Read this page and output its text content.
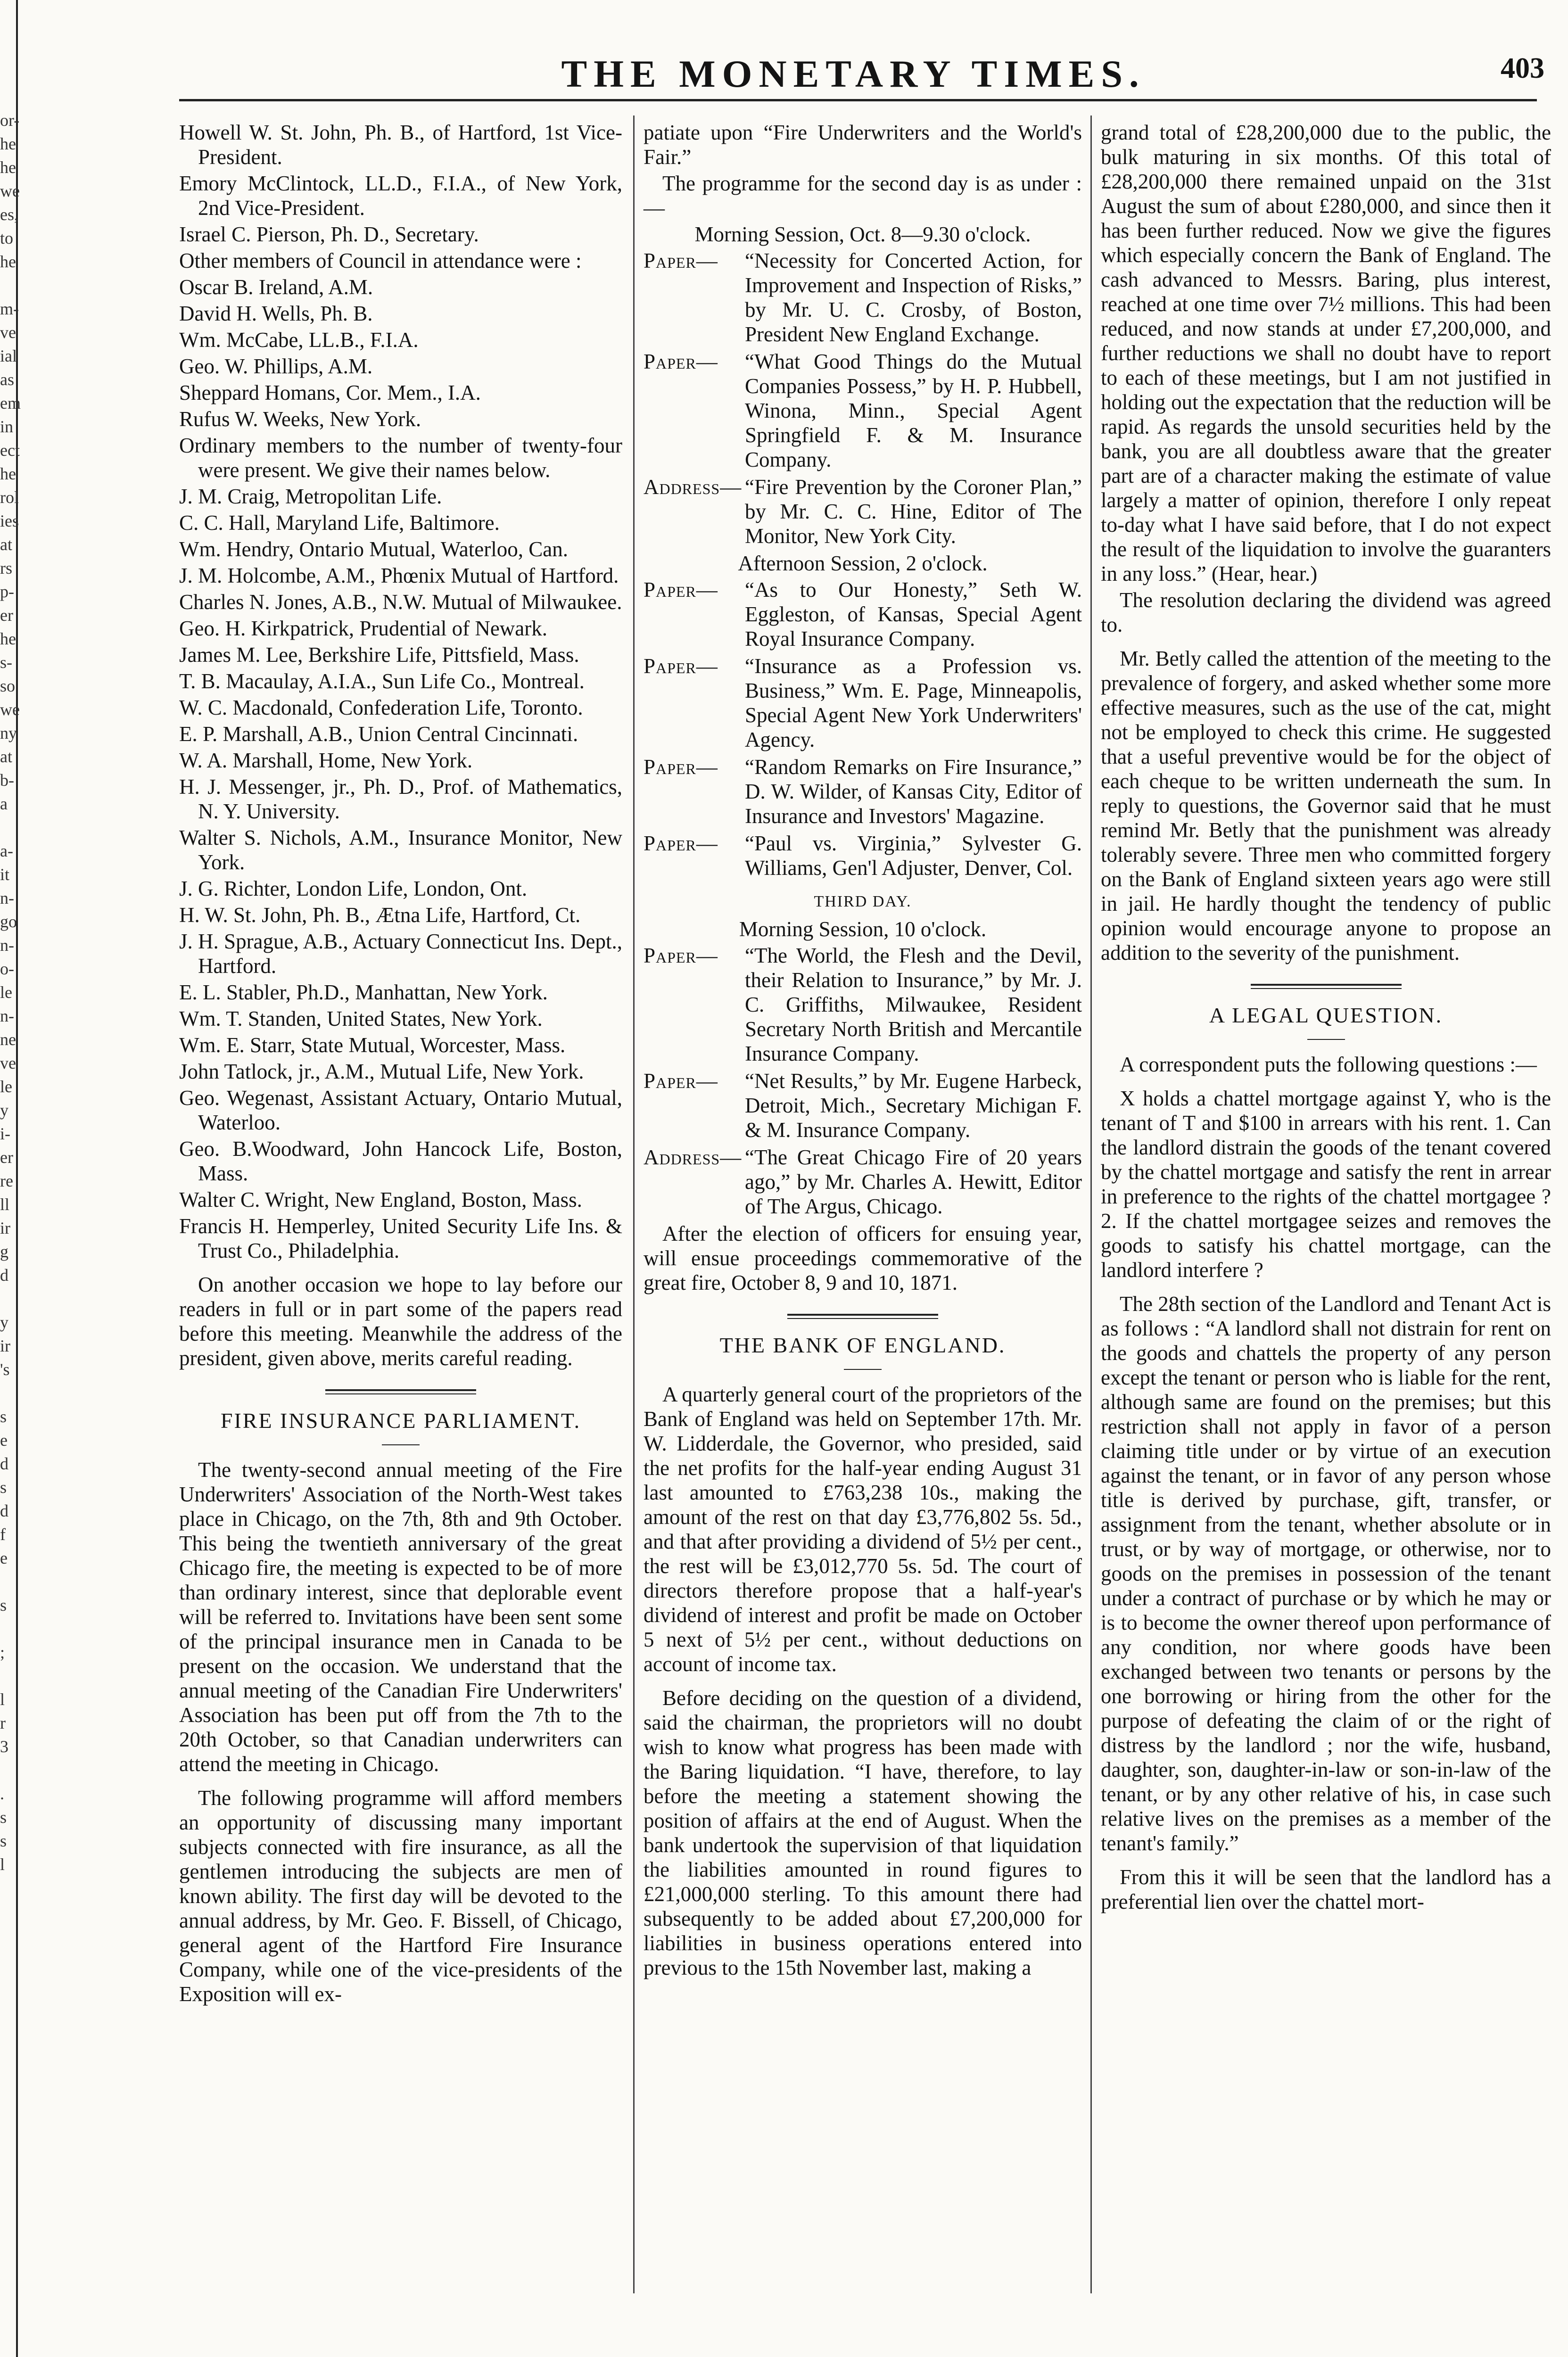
or-
he
he
we
es,
to
he
m-
ve
ial
as
em
in
ect
he
rol
ies
at
rs
p-
er
he
s-
so
we
ny
at
b-
a
a-
it
n-
go
n-
o-
le
n-
ne
ve
le
y
i-
er
re
ll
ir
g
d
y
ir
's
s
e
d
s
d
f
e
s
;
l
r
3
.
s
s
l
THE MONETARY TIMES.	403

Howell W. St. John, Ph. B., of Hartford, 1st Vice-President.

Emory McClintock, LL.D., F.I.A., of New York, 2nd Vice-President.

Israel C. Pierson, Ph. D., Secretary.

Other members of Council in attendance were :

Oscar B. Ireland, A.M.

David H. Wells, Ph. B.

Wm. McCabe, LL.B., F.I.A.

Geo. W. Phillips, A.M.

Sheppard Homans, Cor. Mem., I.A.

Rufus W. Weeks, New York.

Ordinary members to the number of twenty-four were present. We give their names below.

J. M. Craig, Metropolitan Life.

C. C. Hall, Maryland Life, Baltimore.

Wm. Hendry, Ontario Mutual, Waterloo, Can.

J. M. Holcombe, A.M., Phœnix Mutual of Hartford.

Charles N. Jones, A.B., N.W. Mutual of Milwaukee.

Geo. H. Kirkpatrick, Prudential of Newark.

James M. Lee, Berkshire Life, Pittsfield, Mass.

T. B. Macaulay, A.I.A., Sun Life Co., Montreal.

W. C. Macdonald, Confederation Life, Toronto.

E. P. Marshall, A.B., Union Central Cincinnati.

W. A. Marshall, Home, New York.

H. J. Messenger, jr., Ph. D., Prof. of Mathematics, N. Y. University.

Walter S. Nichols, A.M., Insurance Monitor, New York.

J. G. Richter, London Life, London, Ont.

H. W. St. John, Ph. B., Ætna Life, Hartford, Ct.

J. H. Sprague, A.B., Actuary Connecticut Ins. Dept., Hartford.

E. L. Stabler, Ph.D., Manhattan, New York.

Wm. T. Standen, United States, New York.

Wm. E. Starr, State Mutual, Worcester, Mass.

John Tatlock, jr., A.M., Mutual Life, New York.

Geo. Wegenast, Assistant Actuary, Ontario Mutual, Waterloo.

Geo. B.Woodward, John Hancock Life, Boston, Mass.

Walter C. Wright, New England, Boston, Mass.

Francis H. Hemperley, United Security Life Ins. & Trust Co., Philadelphia.

On another occasion we hope to lay before our readers in full or in part some of the papers read before this meeting. Meanwhile the address of the president, given above, merits careful reading.

FIRE INSURANCE PARLIAMENT.

The twenty-second annual meeting of the Fire Underwriters' Association of the North-West takes place in Chicago, on the 7th, 8th and 9th October. This being the twentieth anniversary of the great Chicago fire, the meeting is expected to be of more than ordinary interest, since that deplorable event will be referred to. Invitations have been sent some of the principal insurance men in Canada to be present on the occasion. We understand that the annual meeting of the Canadian Fire Underwriters' Association has been put off from the 7th to the 20th October, so that Canadian underwriters can attend the meeting in Chicago.

The following programme will afford members an opportunity of discussing many important subjects connected with fire insurance, as all the gentlemen introducing the subjects are men of known ability. The first day will be devoted to the annual address, by Mr. Geo. F. Bissell, of Chicago, general agent of the Hartford Fire Insurance Company, while one of the vice-presidents of the Exposition will ex-

patiate upon “Fire Underwriters and the World's Fair.”

The programme for the second day is as under :—

Morning Session, Oct. 8—9.30 o'clock.

Paper—	“Necessity for Concerted Action, for Improvement and Inspection of Risks,” by Mr. U. C. Crosby, of Boston, President New England Exchange.
Paper—	“What Good Things do the Mutual Companies Possess,” by H. P. Hubbell, Winona, Minn., Special Agent Springfield F. & M. Insurance Company.
Address— “Fire Prevention by the Coroner Plan,” by Mr. C. C. Hine, Editor of The Monitor, New York City.

Afternoon Session, 2 o'clock.

Paper—	“As to Our Honesty,” Seth W. Eggleston, of Kansas, Special Agent Royal Insurance Company.
Paper—	“Insurance as a Profession vs. Business,” Wm. E. Page, Minneapolis, Special Agent New York Underwriters' Agency.
Paper—	“Random Remarks on Fire Insurance,” D. W. Wilder, of Kansas City, Editor of Insurance and Investors' Magazine.
Paper—	“Paul vs. Virginia,” Sylvester G. Williams, Gen'l Adjuster, Denver, Col.
THIRD DAY.

Morning Session, 10 o'clock.

Paper—	“The World, the Flesh and the Devil, their Relation to Insurance,” by Mr. J. C. Griffiths, Milwaukee, Resident Secretary North British and Mercantile Insurance Company.
Paper—	“Net Results,” by Mr. Eugene Harbeck, Detroit, Mich., Secretary Michigan F. & M. Insurance Company.
Address— “The Great Chicago Fire of 20 years ago,” by Mr. Charles A. Hewitt, Editor of The Argus, Chicago.

After the election of officers for ensuing year, will ensue proceedings commemorative of the great fire, October 8, 9 and 10, 1871.

THE BANK OF ENGLAND.

A quarterly general court of the proprietors of the Bank of England was held on September 17th. Mr. W. Lidderdale, the Governor, who presided, said the net profits for the half-year ending August 31 last amounted to £763,238 10s., making the amount of the rest on that day £3,776,802 5s. 5d., and that after providing a dividend of 5½ per cent., the rest will be £3,012,770 5s. 5d. The court of directors therefore propose that a half-year's dividend of interest and profit be made on October 5 next of 5½ per cent., without deductions on account of income tax.

Before deciding on the question of a dividend, said the chairman, the proprietors will no doubt wish to know what progress has been made with the Baring liquidation. “I have, therefore, to lay before the meeting a statement showing the position of affairs at the end of August. When the bank undertook the supervision of that liquidation the liabilities amounted in round figures to £21,000,000 sterling. To this amount there had subsequently to be added about £7,200,000 for liabilities in business operations entered into previous to the 15th November last, making a

grand total of £28,200,000 due to the public, the bulk maturing in six months. Of this total of £28,200,000 there remained unpaid on the 31st August the sum of about £280,000, and since then it has been further reduced. Now we give the figures which especially concern the Bank of England. The cash advanced to Messrs. Baring, plus interest, reached at one time over 7½ millions. This had been reduced, and now stands at under £7,200,000, and further reductions we shall no doubt have to report to each of these meetings, but I am not justified in holding out the expectation that the reduction will be rapid. As regards the unsold securities held by the bank, you are all doubtless aware that the greater part are of a character making the estimate of value largely a matter of opinion, therefore I only repeat to-day what I have said before, that I do not expect the result of the liquidation to involve the guaranters in any loss.” (Hear, hear.)

The resolution declaring the dividend was agreed to.

Mr. Betly called the attention of the meeting to the prevalence of forgery, and asked whether some more effective measures, such as the use of the cat, might not be employed to check this crime. He suggested that a useful preventive would be for the object of each cheque to be written underneath the sum. In reply to questions, the Governor said that he must remind Mr. Betly that the punishment was already tolerably severe. Three men who committed forgery on the Bank of England sixteen years ago were still in jail. He hardly thought the tendency of public opinion would encourage anyone to propose an addition to the severity of the punishment.

A LEGAL QUESTION.

A correspondent puts the following questions :—

X holds a chattel mortgage against Y, who is the tenant of T and $100 in arrears with his rent. 1. Can the landlord distrain the goods of the tenant covered by the chattel mortgage and satisfy the rent in arrear in preference to the rights of the chattel mortgagee ? 2. If the chattel mortgagee seizes and removes the goods to satisfy his chattel mortgage, can the landlord interfere ?

The 28th section of the Landlord and Tenant Act is as follows : “A landlord shall not distrain for rent on the goods and chattels the property of any person except the tenant or person who is liable for the rent, although same are found on the premises; but this restriction shall not apply in favor of a person claiming title under or by virtue of an execution against the tenant, or in favor of any person whose title is derived by purchase, gift, transfer, or assignment from the tenant, whether absolute or in trust, or by way of mortgage, or otherwise, nor to goods on the premises in possession of the tenant under a contract of purchase or by which he may or is to become the owner thereof upon performance of any condition, nor where goods have been exchanged between two tenants or persons by the one borrowing or hiring from the other for the purpose of defeating the claim of or the right of distress by the landlord ; nor the wife, husband, daughter, son, daughter-in-law or son-in-law of the tenant, or by any other relative of his, in case such relative lives on the premises as a member of the tenant's family.”

From this it will be seen that the landlord has a preferential lien over the chattel mort-
